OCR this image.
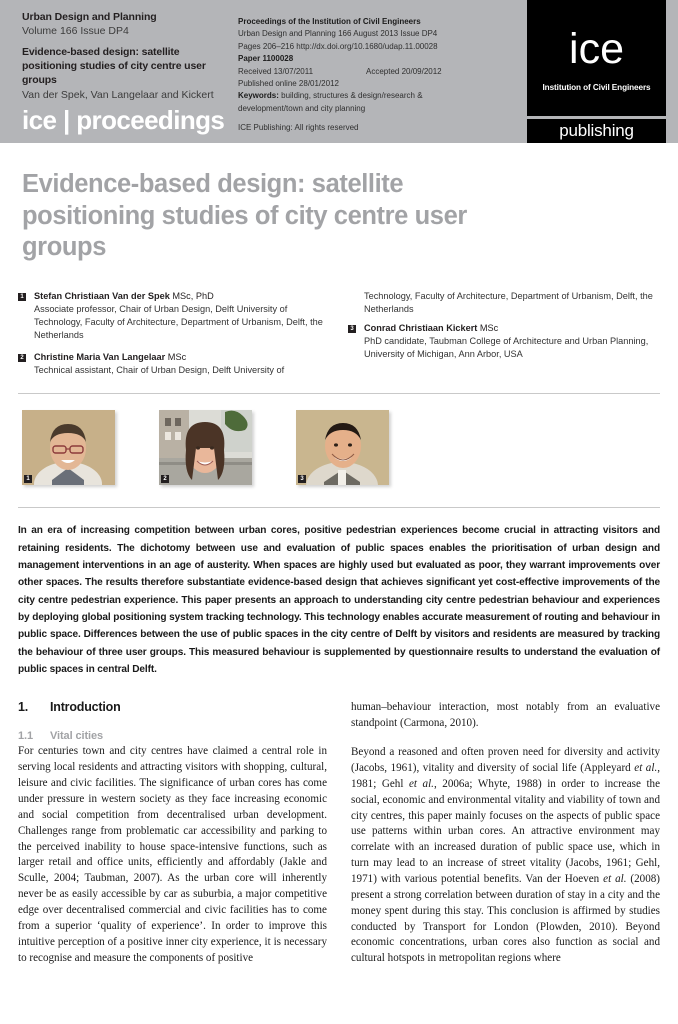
Urban Design and Planning
Volume 166 Issue DP4
Evidence-based design: satellite positioning studies of city centre user groups
Van der Spek, Van Langelaar and Kickert
ice | proceedings
Proceedings of the Institution of Civil Engineers
Urban Design and Planning 166 August 2013 Issue DP4
Pages 206–216 http://dx.doi.org/10.1680/udap.11.00028
Paper 1100028
Received 13/07/2011	Accepted 20/09/2012
Published online 28/01/2012
Keywords: building, structures & design/research &
development/town and city planning
ICE Publishing: All rights reserved
ice
Institution of Civil Engineers
publishing
Evidence-based design: satellite positioning studies of city centre user groups
1 Stefan Christiaan Van der Spek MSc, PhD
Associate professor, Chair of Urban Design, Delft University of Technology, Faculty of Architecture, Department of Urbanism, Delft, the Netherlands
2 Christine Maria Van Langelaar MSc
Technical assistant, Chair of Urban Design, Delft University of
Technology, Faculty of Architecture, Department of Urbanism, Delft, the Netherlands
3 Conrad Christiaan Kickert MSc
PhD candidate, Taubman College of Architecture and Urban Planning, University of Michigan, Ann Arbor, USA
1	2	3

In an era of increasing competition between urban cores, positive pedestrian experiences become crucial in attracting visitors and retaining residents. The dichotomy between use and evaluation of public spaces enables the prioritisation of urban design and management interventions in an age of austerity. When spaces are highly used but evaluated as poor, they warrant improvements over other spaces. The results therefore substantiate evidence-based design that achieves significant yet cost-effective improvements of the city centre pedestrian experience. This paper presents an approach to understanding city centre pedestrian behaviour and experiences by deploying global positioning system tracking technology. This technology enables accurate measurement of routing and behaviour in public space. Differences between the use of public spaces in the city centre of Delft by visitors and residents are measured by tracking the behaviour of three user groups. This measured behaviour is supplemented by questionnaire results to understand the evaluation of public spaces in central Delft.

1.	Introduction
1.1	Vital cities

For centuries town and city centres have claimed a central role in serving local residents and attracting visitors with shopping, cultural, leisure and civic facilities. The significance of urban cores has come under pressure in western society as they face increasing economic and social competition from decentralised urban development. Challenges range from problematic car accessibility and parking to the perceived inability to house space-intensive functions, such as larger retail and office units, efficiently and affordably (Jakle and Sculle, 2004; Taubman, 2007). As the urban core will inherently never be as easily accessible by car as suburbia, a major competitive edge over decentralised commercial and civic facilities has to come from a superior ‘quality of experience’. In order to improve this intuitive perception of a positive inner city experience, it is necessary to recognise and measure the components of positive

human–behaviour interaction, most notably from an evaluative standpoint (Carmona, 2010).

Beyond a reasoned and often proven need for diversity and activity (Jacobs, 1961), vitality and diversity of social life (Appleyard et al., 1981; Gehl et al., 2006a; Whyte, 1988) in order to increase the social, economic and environmental vitality and viability of town and city centres, this paper mainly focuses on the aspects of public space use patterns within urban cores. An attractive environment may correlate with an increased duration of public space use, which in turn may lead to an increase of street vitality (Jacobs, 1961; Gehl, 1971) with various potential benefits. Van der Hoeven et al. (2008) present a strong correlation between duration of stay in a city and the money spent during this stay. This conclusion is affirmed by studies conducted by Transport for London (Plowden, 2010). Beyond economic concentrations, urban cores also function as social and cultural hotspots in metropolitan regions where
